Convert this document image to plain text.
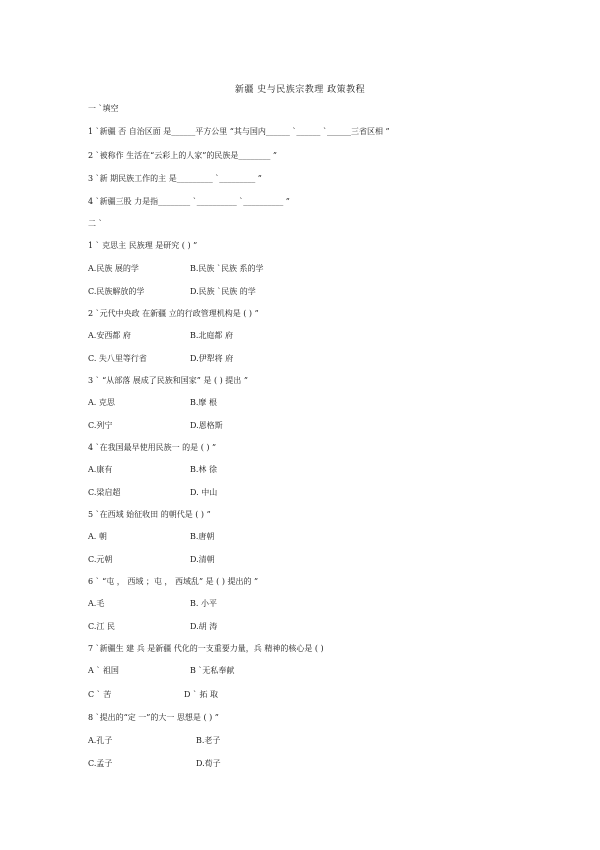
新疆 史与民族宗教理 政策教程
一 `填空
1 `新疆 否 自治区面 是______平方公里 “其与国内______ `______ `______三省区相 ”
2 `被称作 生活在“云彩上的人家”的民族是________ ”
3 `新 期民族工作的主 是_________ `_________ ”
4 `新疆三股 力是指________ `__________ `__________ ”
二 `
1 ` 克思主 民族理 是研究 ( ) ”
A.民族 展的学	B.民族 `民族 系的学
C.民族解放的学	D.民族 `民族 的学
2 `元代中央政 在新疆 立的行政管理机构是 ( ) ”
A.安西都 府	B.北庭都 府
C. 失八里等行省	D.伊犁将 府
3 ` “从部落 展成了民族和国家” 是 ( ) 提出 ”
A. 克思	B.摩 根
C.列宁	D.恩格斯
4 `在我国最早使用民族一 的是 ( ) ”
A.康有	B.林 徐
C.梁启超	D. 中山
5 `在西域 始征收田 的朝代是 ( ) ”
A. 朝	B.唐朝
C.元朝	D.清朝
6 ` “屯 ， 西域 ；屯 ， 西域乱” 是 ( ) 提出的 ”
A.毛	B. 小平
C.江 民	D.胡 涛
7 `新疆生 建 兵 是新疆 代化的一支重要力量，兵 精神的核心是 ( )
A ` 祖国	B `无私奉献
C ` 苦	D ` 拓 取
8 `提出的“定 一”的大一 思想是 ( ) ”
A.孔子	B.老子
C.孟子	D.荀子
